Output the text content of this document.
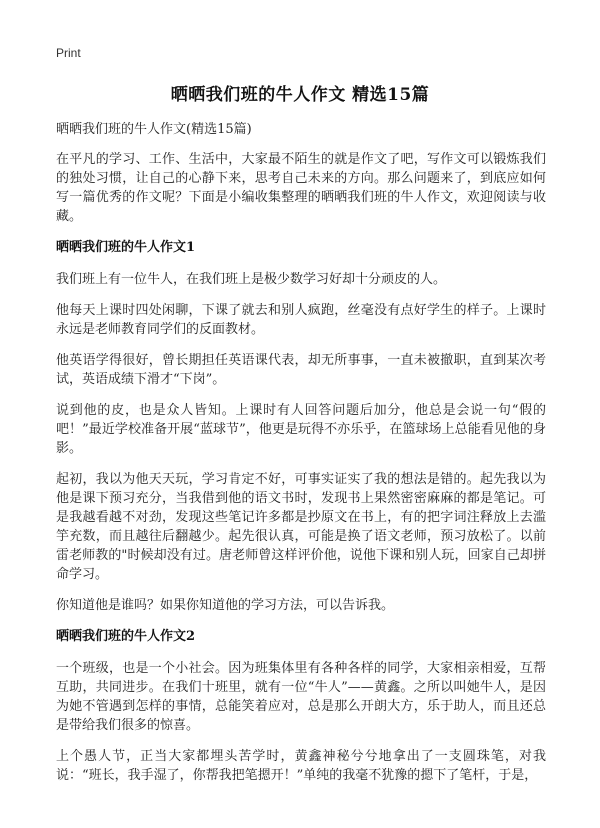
Print
晒晒我们班的牛人作文 精选15篇
晒晒我们班的牛人作文(精选15篇)
在平凡的学习、工作、生活中，大家最不陌生的就是作文了吧，写作文可以锻炼我们的独处习惯，让自己的心静下来，思考自己未来的方向。那么问题来了，到底应如何写一篇优秀的作文呢？下面是小编收集整理的晒晒我们班的牛人作文，欢迎阅读与收藏。
晒晒我们班的牛人作文1
我们班上有一位牛人，在我们班上是极少数学习好却十分顽皮的人。
他每天上课时四处闲聊，下课了就去和别人疯跑，丝毫没有点好学生的样子。上课时永远是老师教育同学们的反面教材。
他英语学得很好，曾长期担任英语课代表，却无所事事，一直未被撤职，直到某次考试，英语成绩下滑才“下岗”。
说到他的皮，也是众人皆知。上课时有人回答问题后加分，他总是会说一句“假的吧！”最近学校准备开展“蓝球节”，他更是玩得不亦乐乎，在篮球场上总能看见他的身影。
起初，我以为他天天玩，学习肯定不好，可事实证实了我的想法是错的。起先我以为他是课下预习充分，当我借到他的语文书时，发现书上果然密密麻麻的都是笔记。可是我越看越不对劲，发现这些笔记许多都是抄原文在书上，有的把字词注释放上去滥竽充数，而且越往后翻越少。起先很认真，可能是换了语文老师，预习放松了。以前雷老师教的"时候却没有过。唐老师曾这样评价他，说他下课和别人玩，回家自己却拼命学习。
你知道他是谁吗？如果你知道他的学习方法，可以告诉我。
晒晒我们班的牛人作文2
一个班级，也是一个小社会。因为班集体里有各种各样的同学，大家相亲相爱，互帮互助，共同进步。在我们十班里，就有一位“牛人”——黄鑫。之所以叫她牛人，是因为她不管遇到怎样的事情，总能笑着应对，总是那么开朗大方，乐于助人，而且还总是带给我们很多的惊喜。
上个愚人节，正当大家都埋头苦学时，黄鑫神秘兮兮地拿出了一支圆珠笔，对我说：“班长，我手湿了，你帮我把笔摁开！”单纯的我毫不犹豫的摁下了笔杆，于是，
